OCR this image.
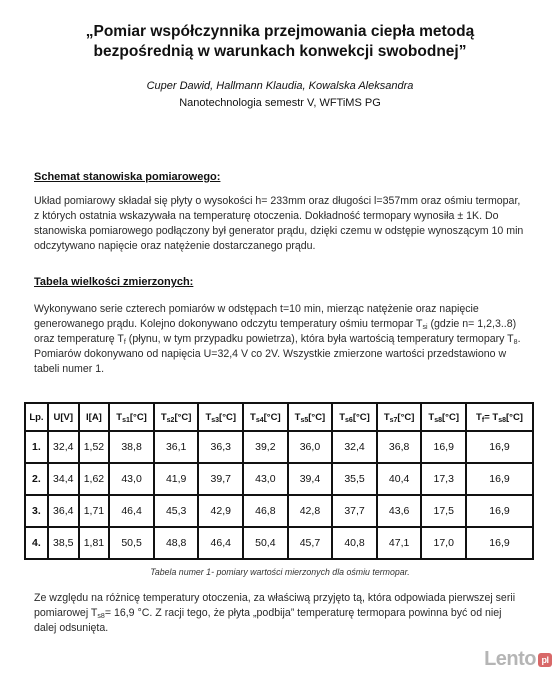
„Pomiar współczynnika przejmowania ciepła metodą
bezpośrednią w warunkach konwekcji swobodnej”
Cuper Dawid, Hallmann Klaudia, Kowalska Aleksandra
Nanotechnologia semestr V, WFTiMS PG
Schemat stanowiska pomiarowego:

Układ pomiarowy składał się płyty o wysokości h= 233mm oraz długości l=357mm oraz ośmiu termopar, z których ostatnia wskazywała na temperaturę otoczenia. Dokładność termopary wynosiła ± 1K. Do stanowiska pomiarowego podłączony był generator prądu, dzięki czemu w odstępie wynoszącym 10 min odczytywano napięcie oraz natężenie dostarczanego prądu.

Tabela wielkości zmierzonych:

Wykonywano serie czterech pomiarów w odstępach t=10 min, mierząc natężenie oraz napięcie generowanego prądu. Kolejno dokonywano odczytu temperatury ośmiu termopar $T_{si}$ (gdzie n= 1,2,3..8) oraz temperaturę $T_f$ (płynu, w tym przypadku powietrza), która była wartością temperatury termopary $T_8$. Pomiarów dokonywano od napięcia U=32,4 V co 2V. Wszystkie zmierzone wartości przedstawiono w tabeli numer 1.

Lp.	U[V]	I[A]	$T_{s1}[^\circ C]$	$T_{s2}[^\circ C]$	$T_{s3}[^\circ C]$	$T_{s4}[^\circ C]$	$T_{s5}[^\circ C]$	$T_{s6}[^\circ C]$	$T_{s7}[^\circ C]$	$T_{s8}[^\circ C]$	$T_f= T_{s8}[^\circ C]$
1.	32,4	1,52	38,8	36,1	36,3	39,2	36,0	32,4	36,8	16,9	16,9
2.	34,4	1,62	43,0	41,9	39,7	43,0	39,4	35,5	40,4	17,3	16,9
3.	36,4	1,71	46,4	45,3	42,9	46,8	42,8	37,7	43,6	17,5	16,9
4.	38,5	1,81	50,5	48,8	46,4	50,4	45,7	40,8	47,1	17,0	16,9
Tabela numer 1- pomiary wartości mierzonych dla ośmiu termopar.

Ze względu na różnicę temperatury otoczenia, za właściwą przyjęto tą, która odpowiada pierwszej serii pomiarowej $T_{s8}= 16,9$ °C. Z racji tego, że płyta „podbija” temperaturę termopara powinna być od niej dalej odsunięta.

Lento pl
